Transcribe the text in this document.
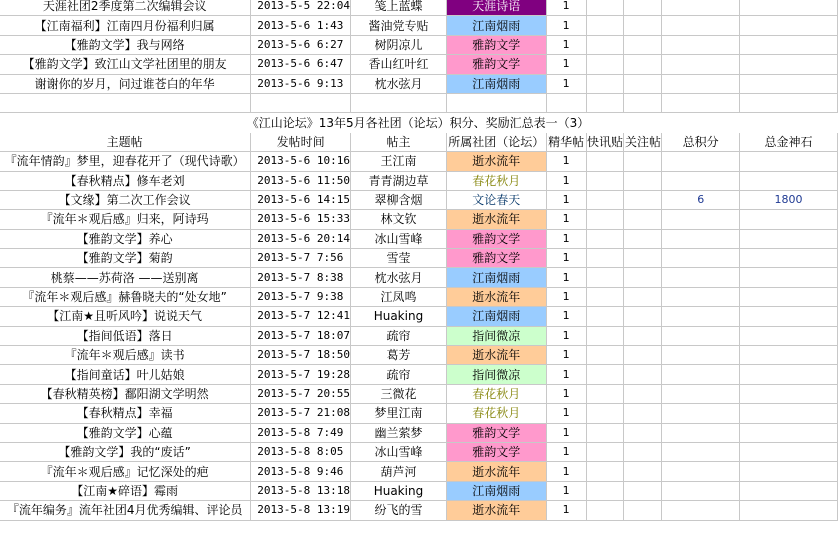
天涯社团2季度第二次编辑会议	2013-5-5 22:04	笺上蓝蝶	天涯诗语	1				
【江南福利】江南四月份福利归属	2013-5-6 1:43	酱油党专贴	江南烟雨	1				
【雅韵文学】我与网络	2013-5-6 6:27	树阴凉儿	雅韵文学	1				
【雅韵文学】致江山文学社团里的朋友	2013-5-6 6:47	香山红叶红	雅韵文学	1				
谢谢你的岁月，问过谁苍白的年华	2013-5-6 9:13	枕水弦月	江南烟雨	1				

《江山论坛》13年5月各社团（论坛）积分、奖励汇总表一（3）								
主题帖	发帖时间	帖主	所属社团（论坛）	精华帖	快讯贴	关注帖	总积分	总金神石
『流年情韵』梦里，迎春花开了（现代诗歌）	2013-5-6 10:16	王江南	逝水流年	1				
【春秋精点】修车老刘	2013-5-6 11:50	青青湖边草	春花秋月	1				
【文缘】第二次工作会议	2013-5-6 14:15	翠柳含烟	文论春天	1			6	1800
『流年＊观后感』归来，阿诗玛	2013-5-6 15:33	林文钦	逝水流年	1				
【雅韵文学】养心	2013-5-6 20:14	冰山雪峰	雅韵文学	1				
【雅韵文学】菊韵	2013-5-7 7:56	雪莹	雅韵文学	1				
桃蔡——苏荷洛 ——送别离	2013-5-7 8:38	枕水弦月	江南烟雨	1				
『流年＊观后感』赫鲁晓夫的“处女地”	2013-5-7 9:38	江凤鸣	逝水流年	1				
【江南★且听风吟】说说天气	2013-5-7 12:41	Huaking	江南烟雨	1				
【指间低语】落日	2013-5-7 18:07	疏帘	指间微凉	1				
『流年＊观后感』读书	2013-5-7 18:50	葛芳	逝水流年	1				
【指间童话】叶儿姑娘	2013-5-7 19:28	疏帘	指间微凉	1				
【春秋精英榜】鄱阳湖文学明然	2013-5-7 20:55	三微花	春花秋月	1				
【春秋精点】幸福	2013-5-7 21:08	梦里江南	春花秋月	1				
【雅韵文学】心蕴	2013-5-8 7:49	幽兰萦梦	雅韵文学	1				
【雅韵文学】我的“废话”	2013-5-8 8:05	冰山雪峰	雅韵文学	1				
『流年＊观后感』记忆深处的疤	2013-5-8 9:46	葫芦河	逝水流年	1				
【江南★碎语】霉雨	2013-5-8 13:18	Huaking	江南烟雨	1				
『流年编务』流年社团4月优秀编辑、评论员	2013-5-8 13:19	纷飞的雪	逝水流年	1				
